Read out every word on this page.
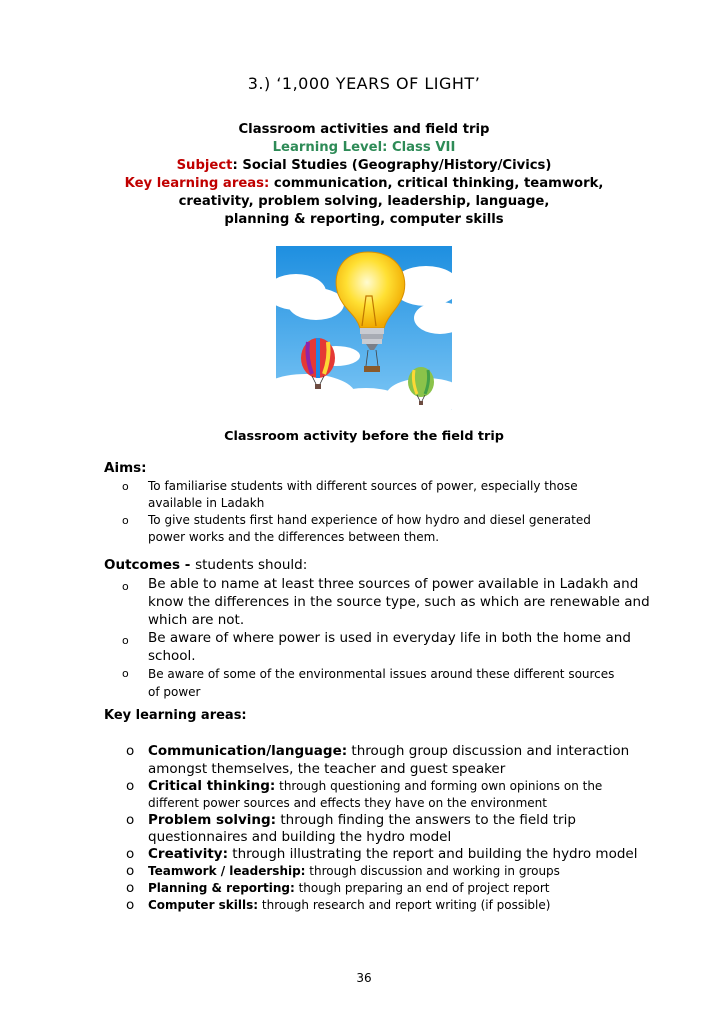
3.) ‘1,000 YEARS OF LIGHT’
Classroom activities and field trip
Learning Level: Class VII
Subject: Social Studies (Geography/History/Civics)
Key learning areas: communication, critical thinking, teamwork,
creativity, problem solving, leadership, language,
planning & reporting, computer skills
Classroom activity before the field trip
Aims:
o To familiarise students with different sources of power, especially those
available in Ladakh
o To give students first hand experience of how hydro and diesel generated
power works and the differences between them.
Outcomes - students should:
o Be able to name at least three sources of power available in Ladakh and
know the differences in the source type, such as which are renewable and
which are not.
o Be aware of where power is used in everyday life in both the home and
school.
o Be aware of some of the environmental issues around these different sources
of power
Key learning areas:
o Communication/language: through group discussion and interaction
amongst themselves, the teacher and guest speaker
o Critical thinking: through questioning and forming own opinions on the
different power sources and effects they have on the environment
o Problem solving: through finding the answers to the field trip
questionnaires and building the hydro model
o Creativity: through illustrating the report and building the hydro model
o Teamwork / leadership: through discussion and working in groups
o Planning & reporting: though preparing an end of project report
o Computer skills: through research and report writing (if possible)
36
